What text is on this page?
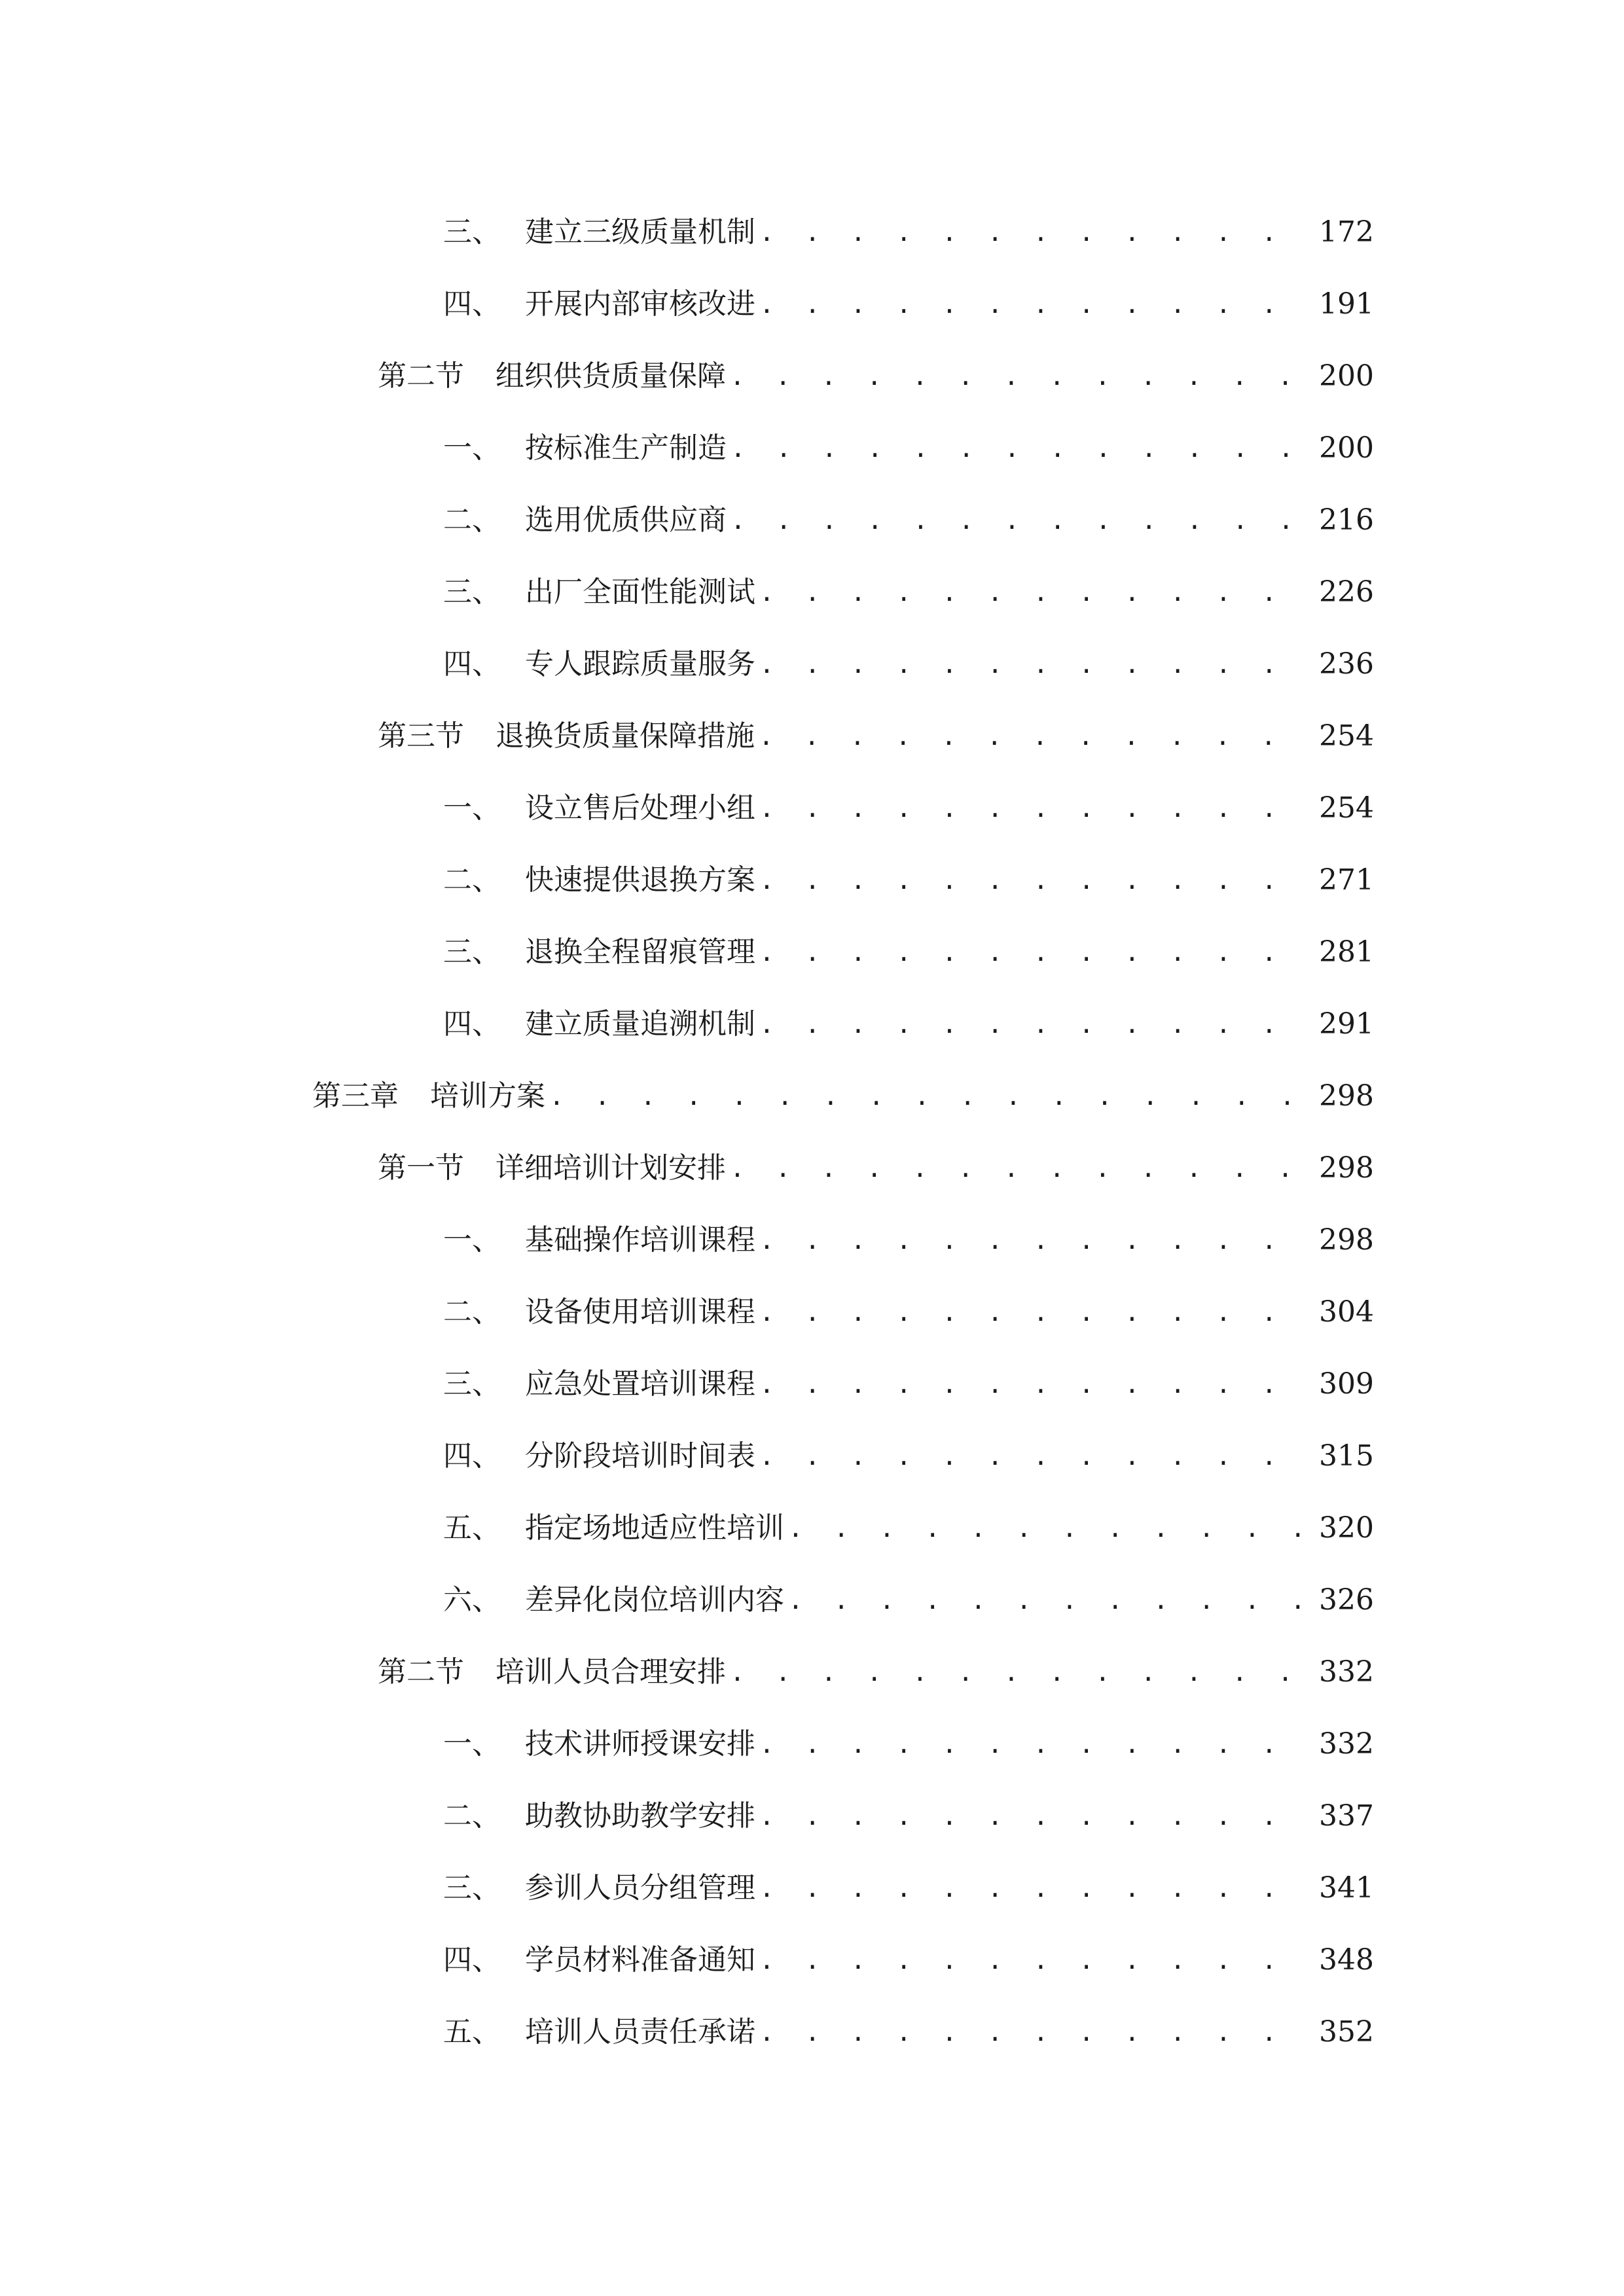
三、 建立三级质量机制 . . .	172
四、 开展内部审核改进 . . .	191
第二节	组织供货质量保障 . . .	200
一、 按标准生产制造 . . .	200
二、 选用优质供应商 . . .	216
三、 出厂全面性能测试 . . .	226
四、 专人跟踪质量服务 . . .	236
第三节	退换货质量保障措施 . . .	254
一、 设立售后处理小组 . . .	254
二、 快速提供退换方案 . . .	271
三、 退换全程留痕管理 . . .	281
四、 建立质量追溯机制 . . .	291
第三章	培训方案 . . .	298
第一节	详细培训计划安排 . . .	298
一、 基础操作培训课程 . . .	298
二、 设备使用培训课程 . . .	304
三、 应急处置培训课程 . . .	309
四、 分阶段培训时间表 . . .	315
五、 指定场地适应性培训 . . .	320
六、 差异化岗位培训内容 . . .	326
第二节	培训人员合理安排 . . .	332
一、 技术讲师授课安排 . . .	332
二、 助教协助教学安排 . . .	337
三、 参训人员分组管理 . . .	341
四、 学员材料准备通知 . . .	348
五、 培训人员责任承诺 . . .	352
